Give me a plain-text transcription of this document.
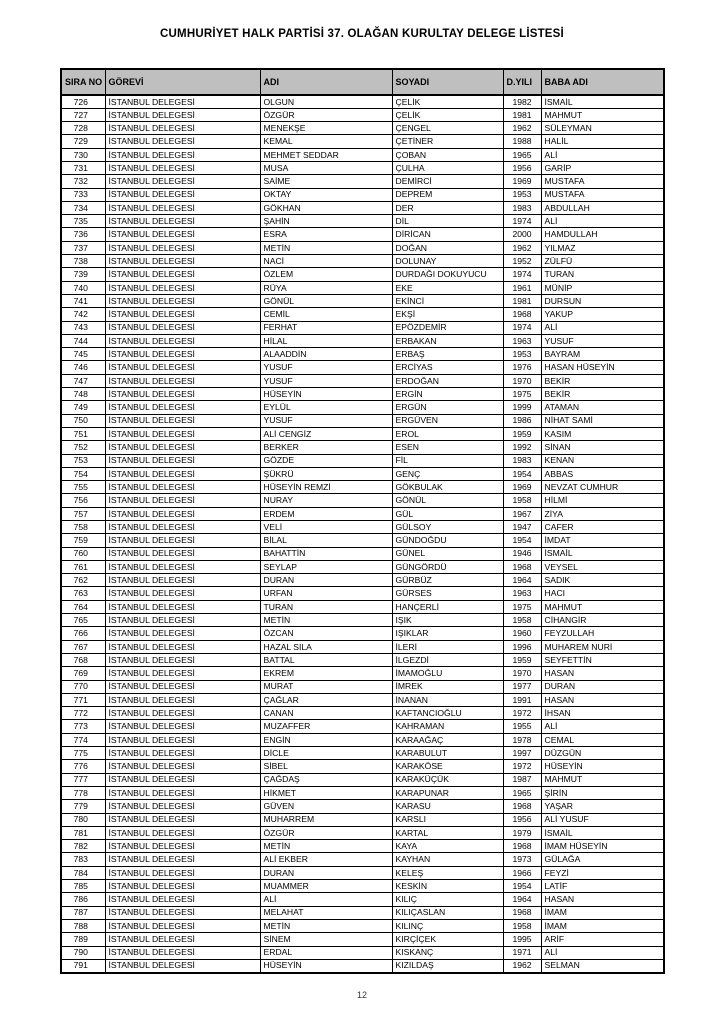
CUMHURİYET HALK PARTİSİ 37. OLAĞAN KURULTAY DELEGE LİSTESİ
SIRA NO	GÖREVİ	ADI	SOYADI	D.YILI	BABA ADI
726	İSTANBUL DELEGESİ	OLGUN	ÇELİK	1982	İSMAİL
727	İSTANBUL DELEGESİ	ÖZGÜR	ÇELİK	1981	MAHMUT
728	İSTANBUL DELEGESİ	MENEKŞE	ÇENGEL	1962	SÜLEYMAN
729	İSTANBUL DELEGESİ	KEMAL	ÇETİNER	1988	HALİL
730	İSTANBUL DELEGESİ	MEHMET SEDDAR	ÇOBAN	1965	ALİ
731	İSTANBUL DELEGESİ	MUSA	ÇULHA	1956	GARİP
732	İSTANBUL DELEGESİ	SAİME	DEMİRCİ	1969	MUSTAFA
733	İSTANBUL DELEGESİ	OKTAY	DEPREM	1953	MUSTAFA
734	İSTANBUL DELEGESİ	GÖKHAN	DER	1983	ABDULLAH
735	İSTANBUL DELEGESİ	ŞAHİN	DİL	1974	ALİ
736	İSTANBUL DELEGESİ	ESRA	DİRİCAN	2000	HAMDULLAH
737	İSTANBUL DELEGESİ	METİN	DOĞAN	1962	YILMAZ
738	İSTANBUL DELEGESİ	NACİ	DOLUNAY	1952	ZÜLFÜ
739	İSTANBUL DELEGESİ	ÖZLEM	DURDAĞI DOKUYUCU	1974	TURAN
740	İSTANBUL DELEGESİ	RÜYA	EKE	1961	MÜNİP
741	İSTANBUL DELEGESİ	GÖNÜL	EKİNCİ	1981	DURSUN
742	İSTANBUL DELEGESİ	CEMİL	EKŞİ	1968	YAKUP
743	İSTANBUL DELEGESİ	FERHAT	EPÖZDEMİR	1974	ALİ
744	İSTANBUL DELEGESİ	HİLAL	ERBAKAN	1963	YUSUF
745	İSTANBUL DELEGESİ	ALAADDİN	ERBAŞ	1953	BAYRAM
746	İSTANBUL DELEGESİ	YUSUF	ERCİYAS	1976	HASAN HÜSEYİN
747	İSTANBUL DELEGESİ	YUSUF	ERDOĞAN	1970	BEKİR
748	İSTANBUL DELEGESİ	HÜSEYİN	ERGİN	1975	BEKİR
749	İSTANBUL DELEGESİ	EYLÜL	ERGÜN	1999	ATAMAN
750	İSTANBUL DELEGESİ	YUSUF	ERGÜVEN	1986	NİHAT SAMİ
751	İSTANBUL DELEGESİ	ALİ CENGİZ	EROL	1959	KASIM
752	İSTANBUL DELEGESİ	BERKER	ESEN	1992	SİNAN
753	İSTANBUL DELEGESİ	GÖZDE	FİL	1983	KENAN
754	İSTANBUL DELEGESİ	ŞÜKRÜ	GENÇ	1954	ABBAS
755	İSTANBUL DELEGESİ	HÜSEYİN REMZİ	GÖKBULAK	1969	NEVZAT CUMHUR
756	İSTANBUL DELEGESİ	NURAY	GÖNÜL	1958	HİLMİ
757	İSTANBUL DELEGESİ	ERDEM	GÜL	1967	ZİYA
758	İSTANBUL DELEGESİ	VELİ	GÜLSOY	1947	CAFER
759	İSTANBUL DELEGESİ	BİLAL	GÜNDOĞDU	1954	İMDAT
760	İSTANBUL DELEGESİ	BAHATTİN	GÜNEL	1946	İSMAİL
761	İSTANBUL DELEGESİ	SEYLAP	GÜNGÖRDÜ	1968	VEYSEL
762	İSTANBUL DELEGESİ	DURAN	GÜRBÜZ	1964	SADIK
763	İSTANBUL DELEGESİ	URFAN	GÜRSES	1963	HACI
764	İSTANBUL DELEGESİ	TURAN	HANÇERLİ	1975	MAHMUT
765	İSTANBUL DELEGESİ	METİN	IŞIK	1958	CİHANGİR
766	İSTANBUL DELEGESİ	ÖZCAN	IŞIKLAR	1960	FEYZULLAH
767	İSTANBUL DELEGESİ	HAZAL SILA	İLERİ	1996	MUHAREM NURİ
768	İSTANBUL DELEGESİ	BATTAL	İLGEZDİ	1959	SEYFETTİN
769	İSTANBUL DELEGESİ	EKREM	İMAMOĞLU	1970	HASAN
770	İSTANBUL DELEGESİ	MURAT	İMREK	1977	DURAN
771	İSTANBUL DELEGESİ	ÇAĞLAR	İNANAN	1991	HASAN
772	İSTANBUL DELEGESİ	CANAN	KAFTANCIOĞLU	1972	İHSAN
773	İSTANBUL DELEGESİ	MUZAFFER	KAHRAMAN	1955	ALİ
774	İSTANBUL DELEGESİ	ENGİN	KARAAĞAÇ	1978	CEMAL
775	İSTANBUL DELEGESİ	DİCLE	KARABULUT	1997	DÜZGÜN
776	İSTANBUL DELEGESİ	SİBEL	KARAKÖSE	1972	HÜSEYİN
777	İSTANBUL DELEGESİ	ÇAĞDAŞ	KARAKÜÇÜK	1987	MAHMUT
778	İSTANBUL DELEGESİ	HİKMET	KARAPUNAR	1965	ŞİRİN
779	İSTANBUL DELEGESİ	GÜVEN	KARASU	1968	YAŞAR
780	İSTANBUL DELEGESİ	MUHARREM	KARSLI	1956	ALİ YUSUF
781	İSTANBUL DELEGESİ	ÖZGÜR	KARTAL	1979	İSMAİL
782	İSTANBUL DELEGESİ	METİN	KAYA	1968	İMAM HÜSEYİN
783	İSTANBUL DELEGESİ	ALİ EKBER	KAYHAN	1973	GÜLAĞA
784	İSTANBUL DELEGESİ	DURAN	KELEŞ	1966	FEYZİ
785	İSTANBUL DELEGESİ	MUAMMER	KESKİN	1954	LATİF
786	İSTANBUL DELEGESİ	ALİ	KILIÇ	1964	HASAN
787	İSTANBUL DELEGESİ	MELAHAT	KILIÇASLAN	1968	İMAM
788	İSTANBUL DELEGESİ	METİN	KILINÇ	1958	İMAM
789	İSTANBUL DELEGESİ	SİNEM	KIRÇİÇEK	1995	ARİF
790	İSTANBUL DELEGESİ	ERDAL	KISKANÇ	1971	ALİ
791	İSTANBUL DELEGESİ	HÜSEYİN	KIZILDAŞ	1962	SELMAN
12
